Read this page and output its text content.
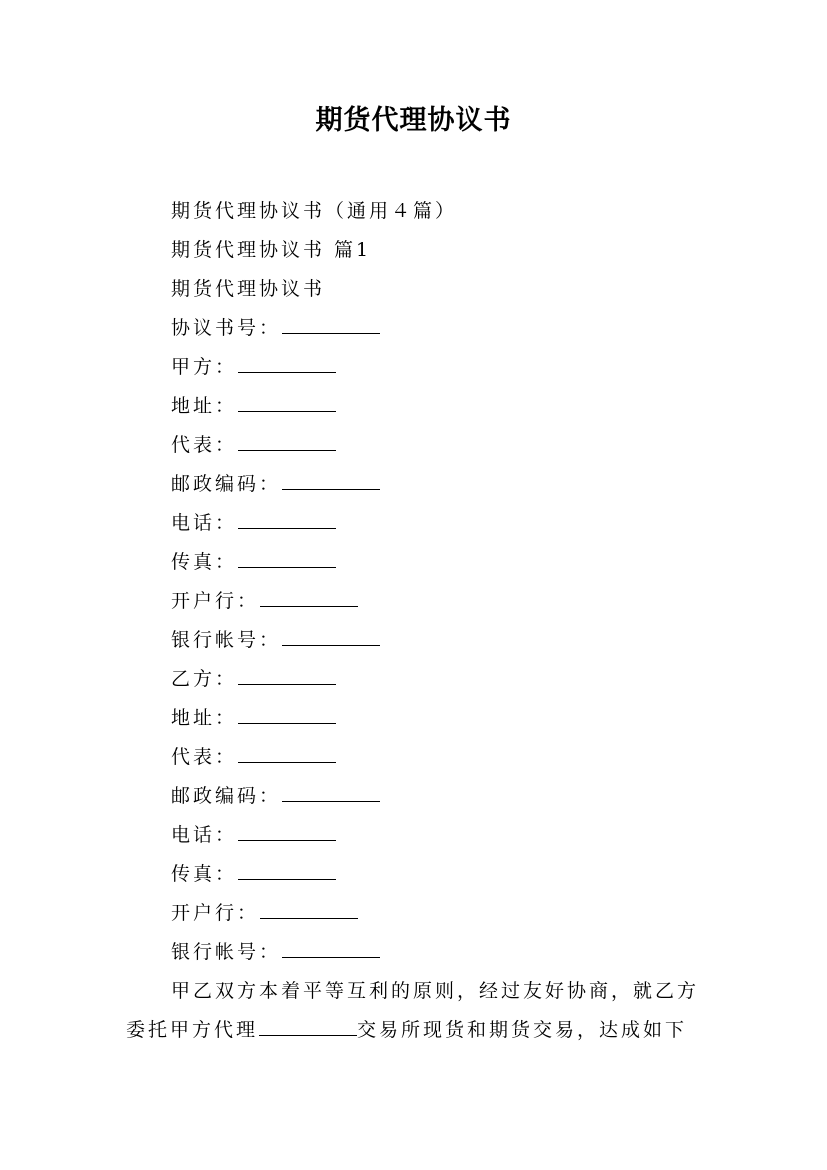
期货代理协议书
期货代理协议书（通用４篇）
期货代理协议书 篇1
期货代理协议书
协议书号：
甲方：
地址：
代表：
邮政编码：
电话：
传真：
开户行：
银行帐号：
乙方：
地址：
代表：
邮政编码：
电话：
传真：
开户行：
银行帐号：
甲乙双方本着平等互利的原则，经过友好协商，就乙方
委托甲方代理	交易所现货和期货交易，达成如下
